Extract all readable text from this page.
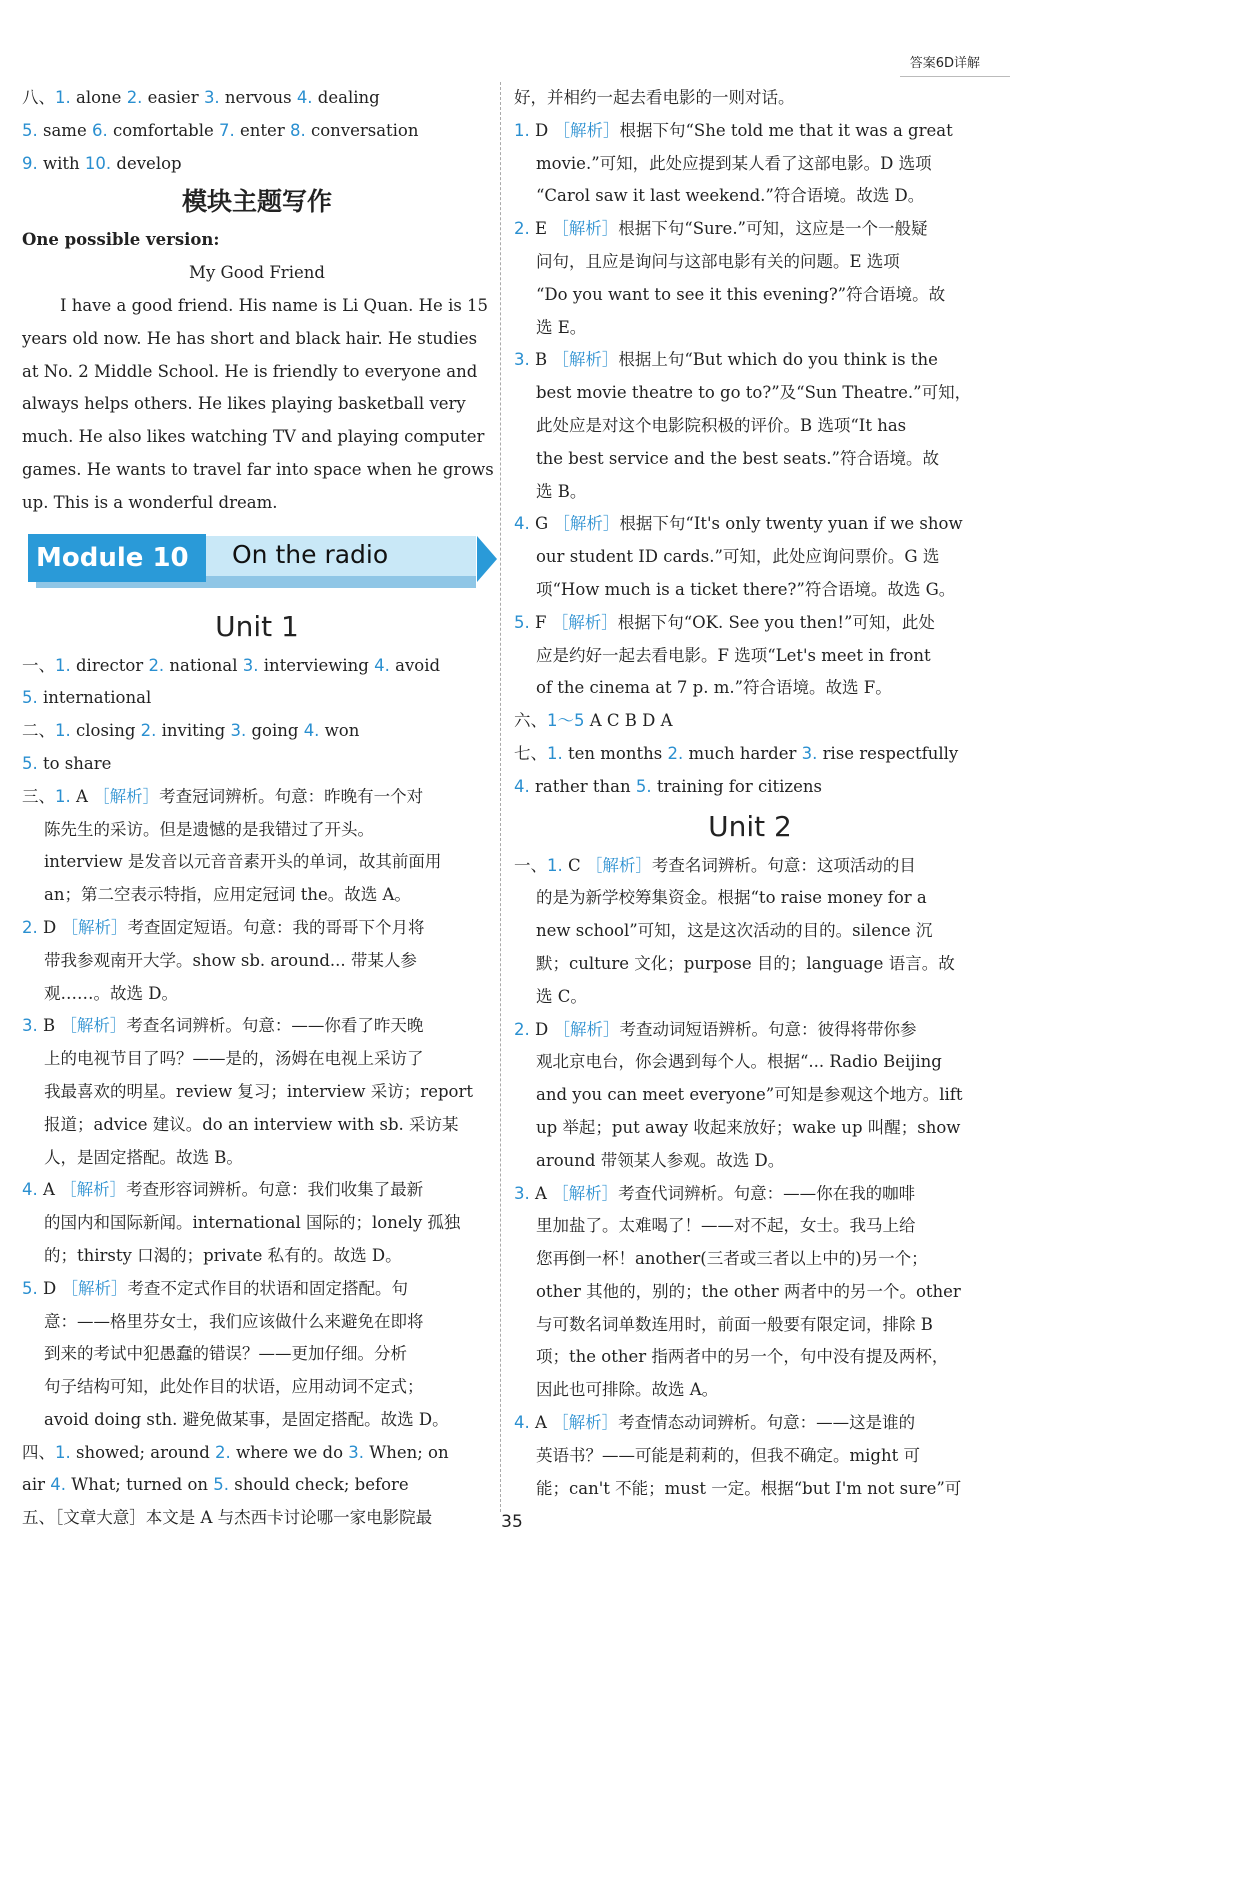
答案6D详解
八、1. alone 2. easier 3. nervous 4. dealing
5. same 6. comfortable 7. enter 8. conversation
9. with 10. develop
模块主题写作
One possible version:
My Good Friend
I have a good friend. His name is Li Quan. He is 15
years old now. He has short and black hair. He studies
at No. 2 Middle School. He is friendly to everyone and
always helps others. He likes playing basketball very
much. He also likes watching TV and playing computer
games. He wants to travel far into space when he grows
up. This is a wonderful dream.
Module 10	On the radio
Unit 1
一、1. director 2. national 3. interviewing 4. avoid
5. international
二、1. closing 2. inviting 3. going 4. won
5. to share
三、1. A ［解析］考查冠词辨析。句意：昨晚有一个对
陈先生的采访。但是遗憾的是我错过了开头。
interview 是发音以元音音素开头的单词，故其前面用
an；第二空表示特指，应用定冠词 the。故选 A。
2. D ［解析］考查固定短语。句意：我的哥哥下个月将
带我参观南开大学。show sb. around... 带某人参
观……。故选 D。
3. B ［解析］考查名词辨析。句意：——你看了昨天晚
上的电视节目了吗？——是的，汤姆在电视上采访了
我最喜欢的明星。review 复习；interview 采访；report
报道；advice 建议。do an interview with sb. 采访某
人，是固定搭配。故选 B。
4. A ［解析］考查形容词辨析。句意：我们收集了最新
的国内和国际新闻。international 国际的；lonely 孤独
的；thirsty 口渴的；private 私有的。故选 D。
5. D ［解析］考查不定式作目的状语和固定搭配。句
意：——格里芬女士，我们应该做什么来避免在即将
到来的考试中犯愚蠢的错误？——更加仔细。分析
句子结构可知，此处作目的状语，应用动词不定式；
avoid doing sth. 避免做某事，是固定搭配。故选 D。
四、1. showed; around 2. where we do 3. When; on
air 4. What; turned on 5. should check; before
五、［文章大意］本文是 A 与杰西卡讨论哪一家电影院最
好，并相约一起去看电影的一则对话。
1. D ［解析］根据下句“She told me that it was a great
movie.”可知，此处应提到某人看了这部电影。D 选项
“Carol saw it last weekend.”符合语境。故选 D。
2. E ［解析］根据下句“Sure.”可知，这应是一个一般疑
问句，且应是询问与这部电影有关的问题。E 选项
“Do you want to see it this evening?”符合语境。故
选 E。
3. B ［解析］根据上句“But which do you think is the
best movie theatre to go to?”及“Sun Theatre.”可知，
此处应是对这个电影院积极的评价。B 选项“It has
the best service and the best seats.”符合语境。故
选 B。
4. G ［解析］根据下句“It's only twenty yuan if we show
our student ID cards.”可知，此处应询问票价。G 选
项“How much is a ticket there?”符合语境。故选 G。
5. F ［解析］根据下句“OK. See you then!”可知，此处
应是约好一起去看电影。F 选项“Let's meet in front
of the cinema at 7 p. m.”符合语境。故选 F。
六、1～5 A C B D A
七、1. ten months 2. much harder 3. rise respectfully
4. rather than 5. training for citizens
Unit 2
一、1. C ［解析］考查名词辨析。句意：这项活动的目
的是为新学校筹集资金。根据“to raise money for a
new school”可知，这是这次活动的目的。silence 沉
默；culture 文化；purpose 目的；language 语言。故
选 C。
2. D ［解析］考查动词短语辨析。句意：彼得将带你参
观北京电台，你会遇到每个人。根据“... Radio Beijing
and you can meet everyone”可知是参观这个地方。lift
up 举起；put away 收起来放好；wake up 叫醒；show
around 带领某人参观。故选 D。
3. A ［解析］考查代词辨析。句意：——你在我的咖啡
里加盐了。太难喝了！——对不起，女士。我马上给
您再倒一杯！another(三者或三者以上中的)另一个；
other 其他的，别的；the other 两者中的另一个。other
与可数名词单数连用时，前面一般要有限定词，排除 B
项；the other 指两者中的另一个，句中没有提及两杯，
因此也可排除。故选 A。
4. A ［解析］考查情态动词辨析。句意：——这是谁的
英语书？——可能是莉莉的，但我不确定。might 可
能；can't 不能；must 一定。根据“but I'm not sure”可
35
